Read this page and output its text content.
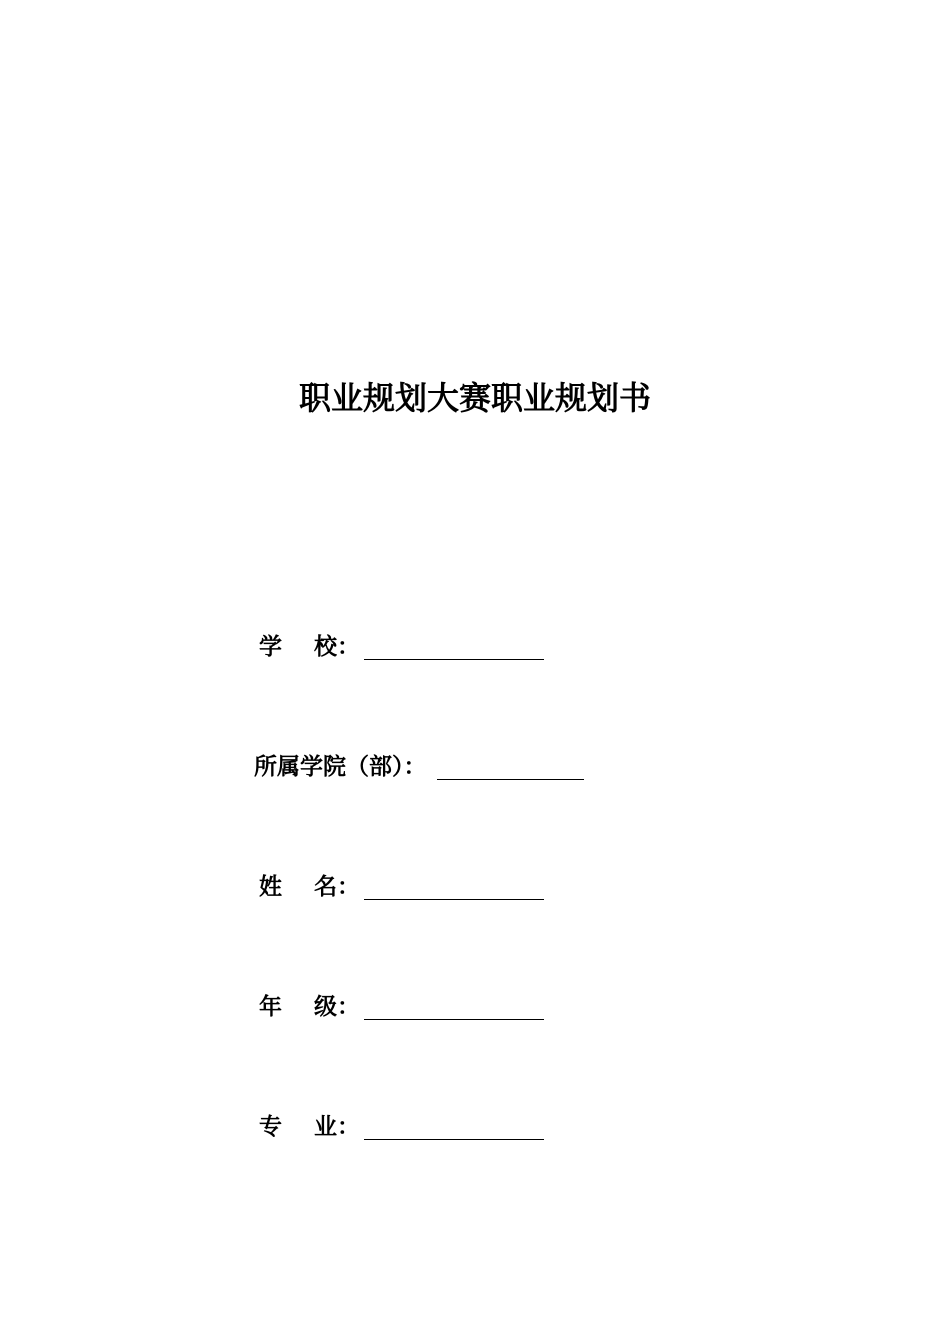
职业规划大赛职业规划书
学    校：
所属学院（部）：
姓    名：
年    级：
专    业：
